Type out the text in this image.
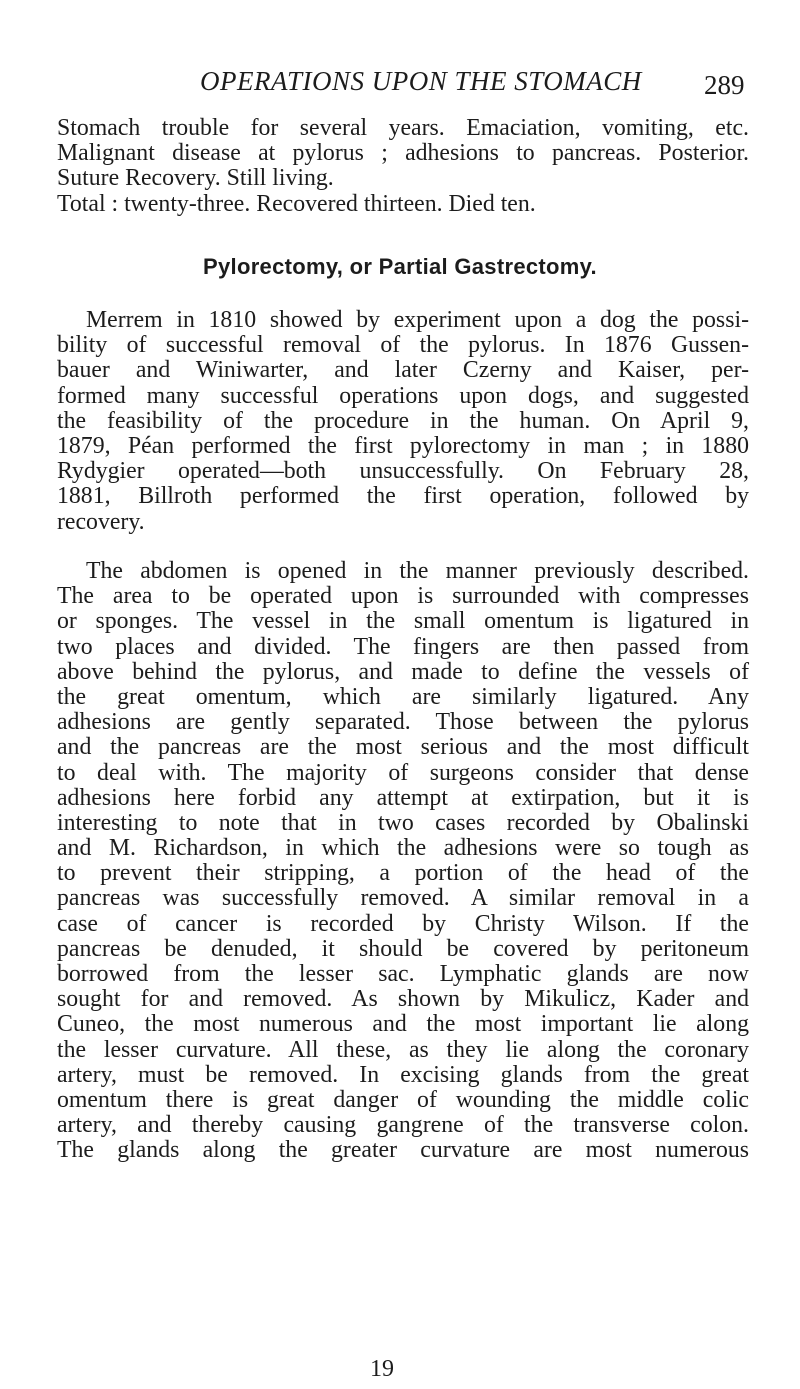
OPERATIONS UPON THE STOMACH 289
Stomach trouble for several years. Emaciation, vomiting, etc.
Malignant disease at pylorus ; adhesions to pancreas. Posterior.
Suture Recovery. Still living.
Total : twenty-three. Recovered thirteen. Died ten.
Pylorectomy, or Partial Gastrectomy.
Merrem in 1810 showed by experiment upon a dog the possi-
bility of successful removal of the pylorus. In 1876 Gussen-
bauer and Winiwarter, and later Czerny and Kaiser, per-
formed many successful operations upon dogs, and suggested
the feasibility of the procedure in the human. On April 9,
1879, Péan performed the first pylorectomy in man ; in 1880
Rydygier operated—both unsuccessfully. On February 28,
1881, Billroth performed the first operation, followed by
recovery.
The abdomen is opened in the manner previously described.
The area to be operated upon is surrounded with compresses
or sponges. The vessel in the small omentum is ligatured in
two places and divided. The fingers are then passed from
above behind the pylorus, and made to define the vessels of
the great omentum, which are similarly ligatured. Any
adhesions are gently separated. Those between the pylorus
and the pancreas are the most serious and the most difficult
to deal with. The majority of surgeons consider that dense
adhesions here forbid any attempt at extirpation, but it is
interesting to note that in two cases recorded by Obalinski
and M. Richardson, in which the adhesions were so tough as
to prevent their stripping, a portion of the head of the
pancreas was successfully removed. A similar removal in a
case of cancer is recorded by Christy Wilson. If the
pancreas be denuded, it should be covered by peritoneum
borrowed from the lesser sac. Lymphatic glands are now
sought for and removed. As shown by Mikulicz, Kader and
Cuneo, the most numerous and the most important lie along
the lesser curvature. All these, as they lie along the coronary
artery, must be removed. In excising glands from the great
omentum there is great danger of wounding the middle colic
artery, and thereby causing gangrene of the transverse colon.
The glands along the greater curvature are most numerous
19
